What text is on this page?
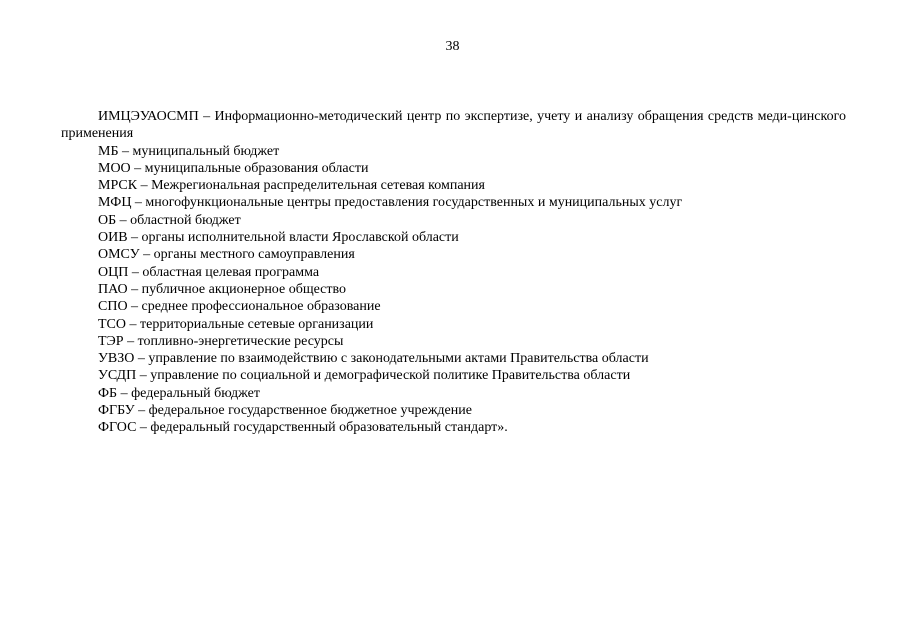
38

ИМЦЭУАОСМП – Информационно-методический центр по экспертизе, учету и анализу обращения средств меди-цинского применения

МБ – муниципальный бюджет

МОО – муниципальные образования области

МРСК – Межрегиональная распределительная сетевая компания

МФЦ – многофункциональные центры предоставления государственных и муниципальных услуг

ОБ – областной бюджет

ОИВ – органы исполнительной власти Ярославской области

ОМСУ – органы местного самоуправления

ОЦП – областная целевая программа

ПАО – публичное акционерное общество

СПО – среднее профессиональное образование

ТСО – территориальные сетевые организации

ТЭР – топливно-энергетические ресурсы

УВЗО – управление по взаимодействию с законодательными актами Правительства области

УСДП – управление по социальной и демографической политике Правительства области

ФБ – федеральный бюджет

ФГБУ – федеральное государственное бюджетное учреждение

ФГОС – федеральный государственный образовательный стандарт».
